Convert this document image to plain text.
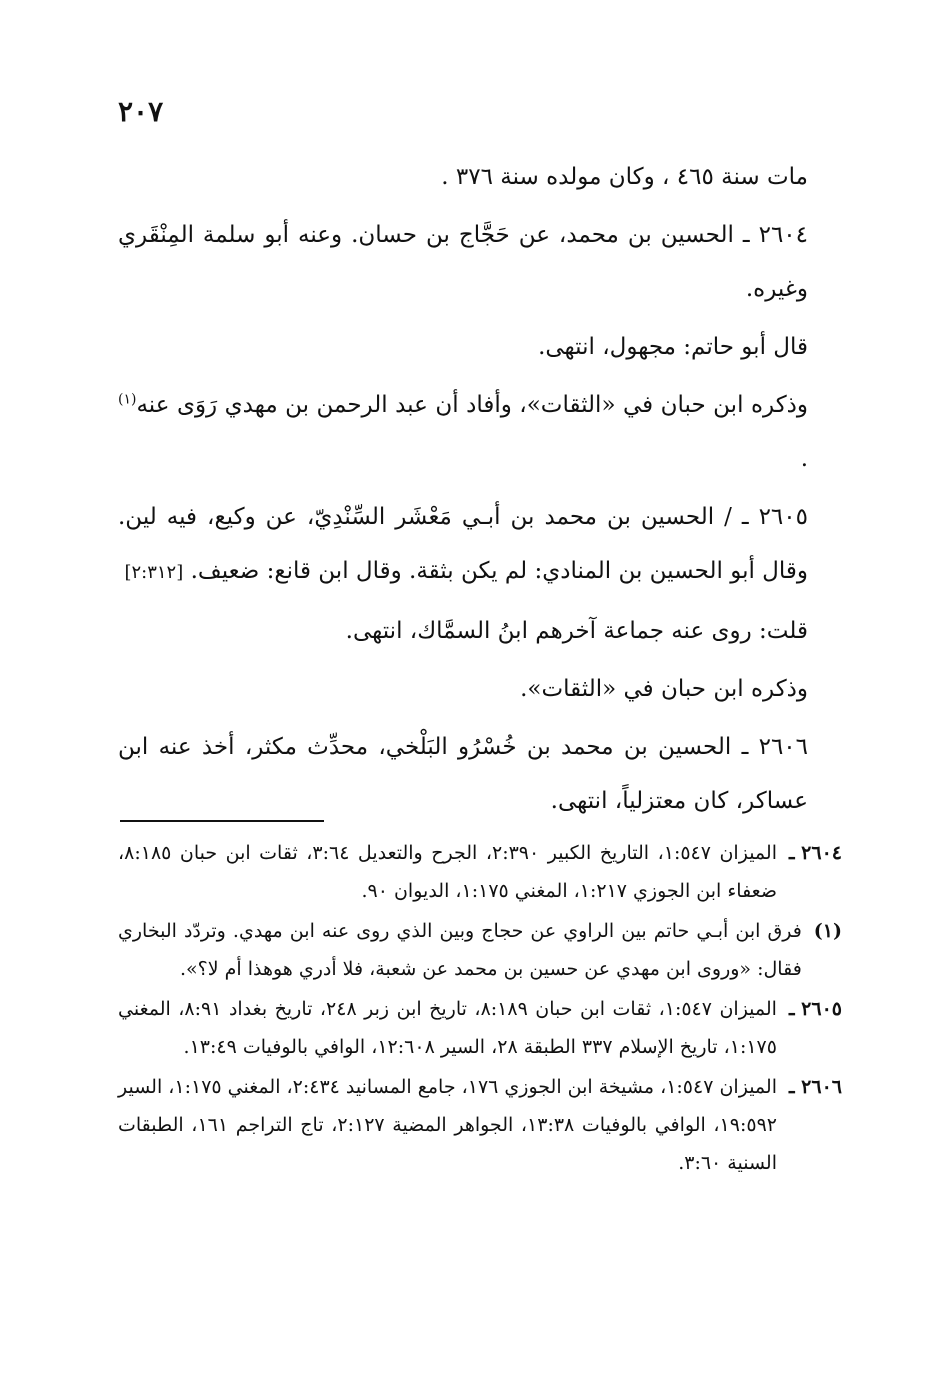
٢٠٧

مات سنة ٤٦٥ ، وكان مولده سنة ٣٧٦ .

٢٦٠٤ ـ الحسين بن محمد، عن حَجَّاج بن حسان. وعنه أبو سلمة المِنْقَري وغيره.

قال أبو حاتم: مجهول، انتهى.

وذكره ابن حبان في «الثقات»، وأفاد أن عبد الرحمن بن مهدي رَوَى عنه$^{(١)}$ .

٢٦٠٥ ـ / الحسين بن محمد بن أبـي مَعْشَر السِّنْدِيّ، عن وكيع، فيه لين. وقال أبو الحسين بن المنادي: لم يكن بثقة. وقال ابن قانع: ضعيف. [٢:٣١٢]

قلت: روى عنه جماعة آخرهم ابنُ السمَّاك، انتهى.

وذكره ابن حبان في «الثقات».

٢٦٠٦ ـ الحسين بن محمد بن خُسْرُو البَلْخي، محدِّث مكثر، أخذ عنه ابن عساكر، كان معتزلياً، انتهى.

٢٦٠٤ ـ
الميزان ١:٥٤٧، التاريخ الكبير ٢:٣٩٠، الجرح والتعديل ٣:٦٤، ثقات ابن حبان ٨:١٨٥، ضعفاء ابن الجوزي ١:٢١٧، المغني ١:١٧٥، الديوان ٩٠.
(١)
فرق ابن أبـي حاتم بين الراوي عن حجاج وبين الذي روى عنه ابن مهدي. وتردّد البخاري فقال: «وروى ابن مهدي عن حسين بن محمد عن شعبة، فلا أدري هوهذا أم لا؟».
٢٦٠٥ ـ
الميزان ١:٥٤٧، ثقات ابن حبان ٨:١٨٩، تاريخ ابن زبر ٢٤٨، تاريخ بغداد ٨:٩١، المغني ١:١٧٥، تاريخ الإسلام ٣٣٧ الطبقة ٢٨، السير ١٢:٦٠٨، الوافي بالوفيات ١٣:٤٩.
٢٦٠٦ ـ
الميزان ١:٥٤٧، مشيخة ابن الجوزي ١٧٦، جامع المسانيد ٢:٤٣٤، المغني ١:١٧٥، السير ١٩:٥٩٢، الوافي بالوفيات ١٣:٣٨، الجواهر المضية ٢:١٢٧، تاج التراجم ١٦١، الطبقات السنية ٣:٦٠.
